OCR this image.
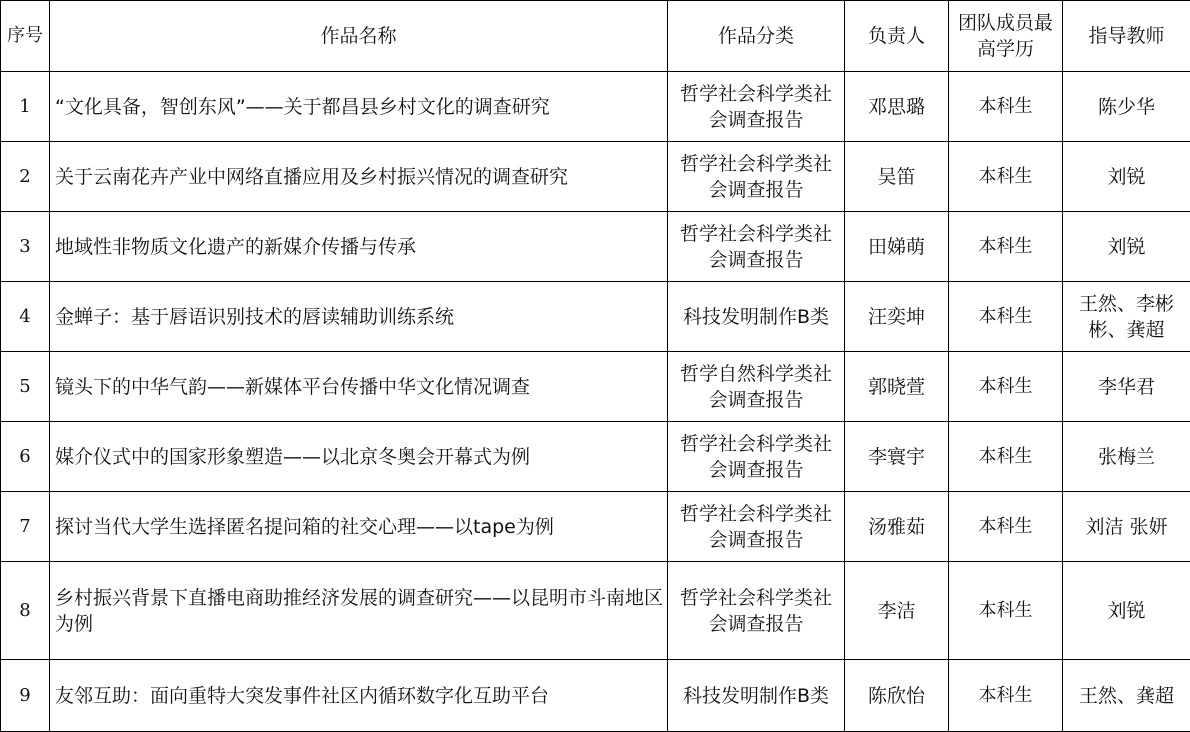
序号	作品名称	作品分类	负责人	团队成员最高学历	指导教师
1	“文化具备，智创东风”——关于都昌县乡村文化的调查研究	哲学社会科学类社会调查报告	邓思璐	本科生	陈少华
2	关于云南花卉产业中网络直播应用及乡村振兴情况的调查研究	哲学社会科学类社会调查报告	吴笛	本科生	刘锐
3	地域性非物质文化遗产的新媒介传播与传承	哲学社会科学类社会调查报告	田娣萌	本科生	刘锐
4	金蝉子：基于唇语识别技术的唇读辅助训练系统	科技发明制作B类	汪奕坤	本科生	王然、李彬彬、龚超
5	镜头下的中华气韵——新媒体平台传播中华文化情况调查	哲学自然科学类社会调查报告	郭晓萱	本科生	李华君
6	媒介仪式中的国家形象塑造——以北京冬奥会开幕式为例	哲学社会科学类社会调查报告	李寰宇	本科生	张梅兰
7	探讨当代大学生选择匿名提问箱的社交心理——以tape为例	哲学社会科学类社会调查报告	汤雅茹	本科生	刘洁 张妍
8	乡村振兴背景下直播电商助推经济发展的调查研究——以昆明市斗南地区为例	哲学社会科学类社会调查报告	李洁	本科生	刘锐
9	友邻互助：面向重特大突发事件社区内循环数字化互助平台	科技发明制作B类	陈欣怡	本科生	王然、龚超
